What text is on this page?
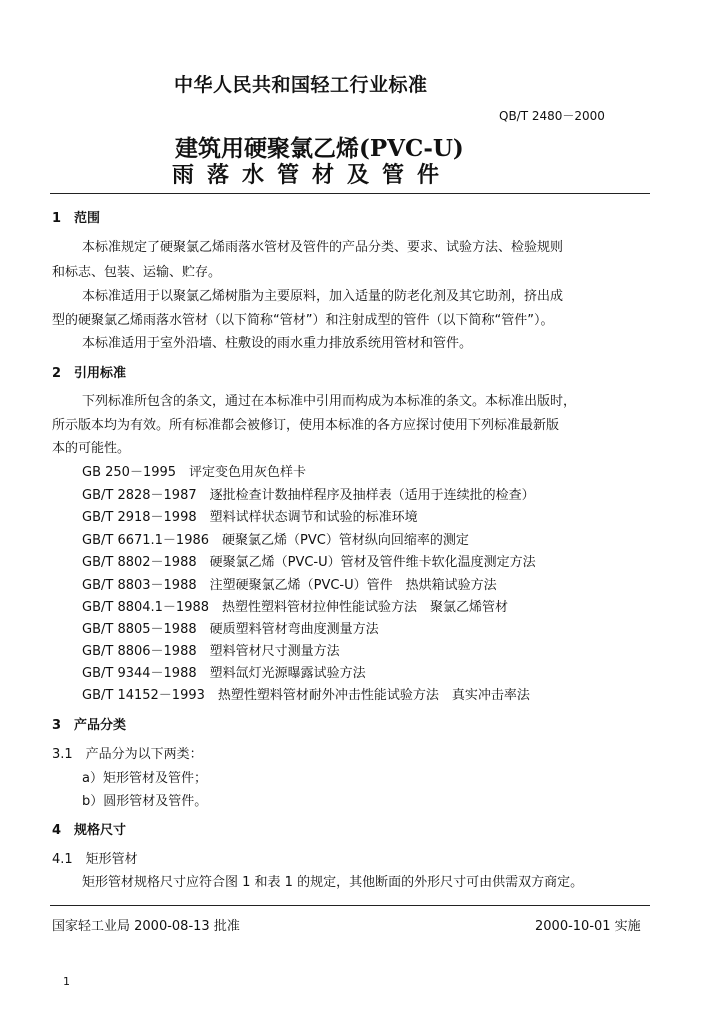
中华人民共和国轻工行业标准
QB/T 2480－2000
建筑用硬聚氯乙烯(PVC-U)
雨落水管材及管件
1　范围
本标准规定了硬聚氯乙烯雨落水管材及管件的产品分类、要求、试验方法、检验规则
和标志、包装、运输、贮存。
本标准适用于以聚氯乙烯树脂为主要原料，加入适量的防老化剂及其它助剂，挤出成
型的硬聚氯乙烯雨落水管材（以下简称“管材”）和注射成型的管件（以下简称“管件”）。
本标准适用于室外沿墙、柱敷设的雨水重力排放系统用管材和管件。
2　引用标准
下列标准所包含的条文，通过在本标准中引用而构成为本标准的条文。本标准出版时，
所示版本均为有效。所有标准都会被修订，使用本标准的各方应探讨使用下列标准最新版
本的可能性。
GB 250－1995　评定变色用灰色样卡
GB/T 2828－1987　逐批检查计数抽样程序及抽样表（适用于连续批的检查）
GB/T 2918－1998　塑料试样状态调节和试验的标准环境
GB/T 6671.1－1986　硬聚氯乙烯（PVC）管材纵向回缩率的测定
GB/T 8802－1988　硬聚氯乙烯（PVC-U）管材及管件维卡软化温度测定方法
GB/T 8803－1988　注塑硬聚氯乙烯（PVC-U）管件　热烘箱试验方法
GB/T 8804.1－1988　热塑性塑料管材拉伸性能试验方法　聚氯乙烯管材
GB/T 8805－1988　硬质塑料管材弯曲度测量方法
GB/T 8806－1988　塑料管材尺寸测量方法
GB/T 9344－1988　塑料氙灯光源曝露试验方法
GB/T 14152－1993　热塑性塑料管材耐外冲击性能试验方法　真实冲击率法
3　产品分类
3.1　产品分为以下两类：
a）矩形管材及管件；
b）圆形管材及管件。
4　规格尺寸
4.1　矩形管材
矩形管材规格尺寸应符合图 1 和表 1 的规定，其他断面的外形尺寸可由供需双方商定。
国家轻工业局 2000-08-13 批准	2000-10-01 实施
1
